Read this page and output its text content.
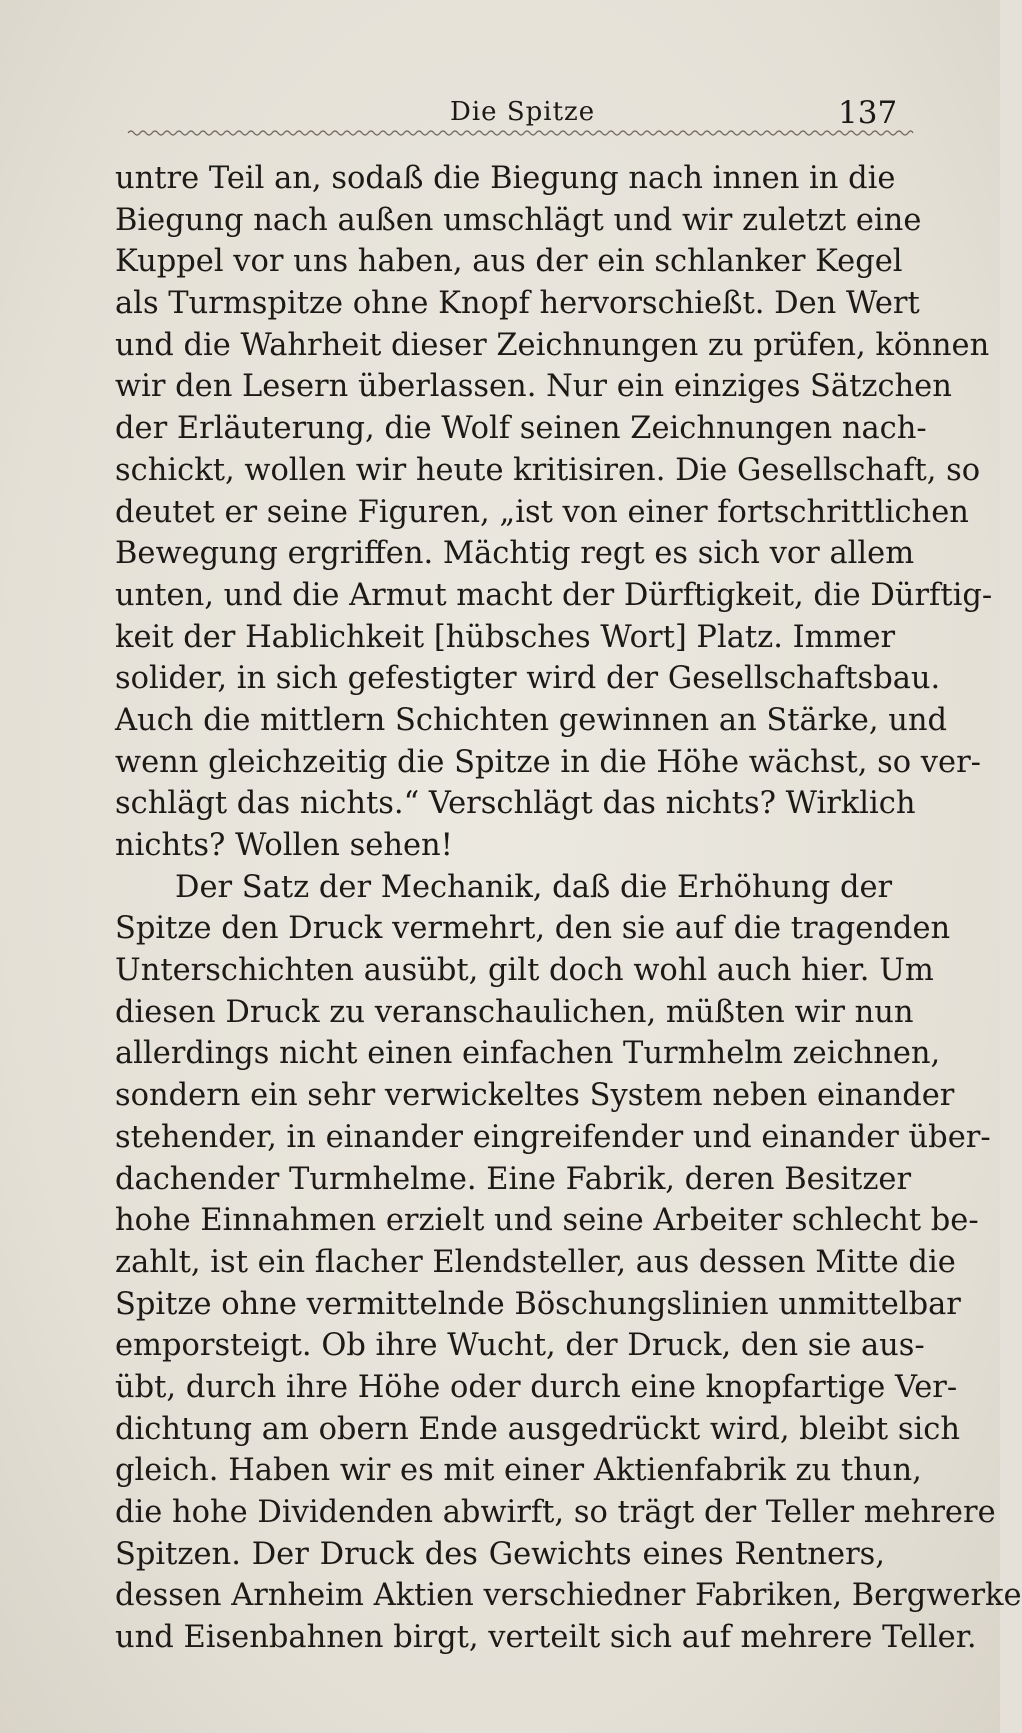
Die Spitze	137
untre Teil an, sodaß die Biegung nach innen in die
Biegung nach außen umschlägt und wir zuletzt eine
Kuppel vor uns haben, aus der ein schlanker Kegel
als Turmspitze ohne Knopf hervorschießt. Den Wert
und die Wahrheit dieser Zeichnungen zu prüfen, können
wir den Lesern überlassen. Nur ein einziges Sätzchen
der Erläuterung, die Wolf seinen Zeichnungen nach-
schickt, wollen wir heute kritisiren. Die Gesellschaft, so
deutet er seine Figuren, „ist von einer fortschrittlichen
Bewegung ergriffen. Mächtig regt es sich vor allem
unten, und die Armut macht der Dürftigkeit, die Dürftig-
keit der Hablichkeit [hübsches Wort] Platz. Immer
solider, in sich gefestigter wird der Gesellschaftsbau.
Auch die mittlern Schichten gewinnen an Stärke, und
wenn gleichzeitig die Spitze in die Höhe wächst, so ver-
schlägt das nichts.“ Verschlägt das nichts? Wirklich
nichts? Wollen sehen!
Der Satz der Mechanik, daß die Erhöhung der
Spitze den Druck vermehrt, den sie auf die tragenden
Unterschichten ausübt, gilt doch wohl auch hier. Um
diesen Druck zu veranschaulichen, müßten wir nun
allerdings nicht einen einfachen Turmhelm zeichnen,
sondern ein sehr verwickeltes System neben einander
stehender, in einander eingreifender und einander über-
dachender Turmhelme. Eine Fabrik, deren Besitzer
hohe Einnahmen erzielt und seine Arbeiter schlecht be-
zahlt, ist ein flacher Elendsteller, aus dessen Mitte die
Spitze ohne vermittelnde Böschungslinien unmittelbar
emporsteigt. Ob ihre Wucht, der Druck, den sie aus-
übt, durch ihre Höhe oder durch eine knopfartige Ver-
dichtung am obern Ende ausgedrückt wird, bleibt sich
gleich. Haben wir es mit einer Aktienfabrik zu thun,
die hohe Dividenden abwirft, so trägt der Teller mehrere
Spitzen. Der Druck des Gewichts eines Rentners,
dessen Arnheim Aktien verschiedner Fabriken, Bergwerke
und Eisenbahnen birgt, verteilt sich auf mehrere Teller.
